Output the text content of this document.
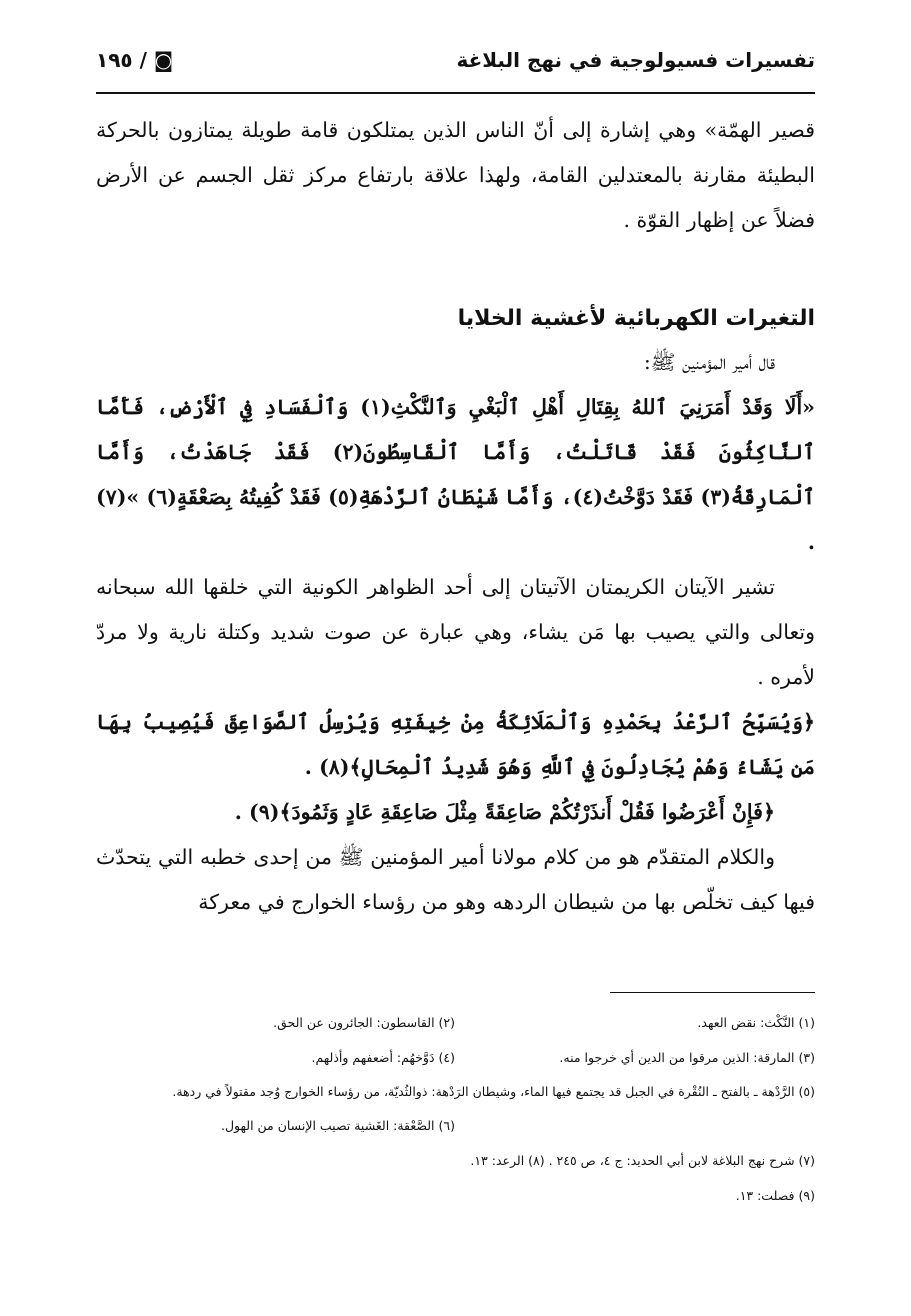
تفسيرات فسيولوجية في نهج البلاغة
١٩٥ / ◙

قصير الهمّة» وهي إشارة إلى أنّ الناس الذين يمتلكون قامة طويلة يمتازون بالحركة البطيئة مقارنة بالمعتدلين القامة، ولهذا علاقة بارتفاع مركز ثقل الجسم عن الأرض فضلاً عن إظهار القوّة .

التغيرات الكهربائية لأغشية الخلايا

قال أمير المؤمنين ﷺ:

«أَلَا وَقَدْ أَمَرَنِيَ ٱللهُ بِقِتَالِ أَهْلِ ٱلْبَغْيِ وَٱلنَّكْثِ(١) وَٱلْفَسَادِ فِي ٱلْأَرْضِ، فَأَمَّا ٱلنَّاكِثُونَ فَقَدْ قَاتَلْتُ، وَأَمَّا ٱلْقَاسِطُونَ(٢) فَقَدْ جَاهَدْتُ، وَأَمَّا ٱلْمَارِقَةُ(٣) فَقَدْ دَوَّخْتُ(٤)، وَأَمَّا شَيْطَانُ ٱلرَّدْهَةِ(٥) فَقَدْ كُفِيتُهُ بِصَعْقَةٍ(٦) »(٧) .

تشير الآيتان الكريمتان الآتيتان إلى أحد الظواهر الكونية التي خلقها الله سبحانه وتعالى والتي يصيب بها مَن يشاء، وهي عبارة عن صوت شديد وكتلة نارية ولا مردّ لأمره .

﴿وَيُسَبِّحُ ٱلرَّعْدُ بِحَمْدِهِ وَٱلْمَلَائِكَةُ مِنْ خِيفَتِهِ وَيُرْسِلُ ٱلصَّوَاعِقَ فَيُصِيبُ بِهَا مَن يَشَاءُ وَهُمْ يُجَادِلُونَ فِي ٱللَّهِ وَهُوَ شَدِيدُ ٱلْمِحَالِ﴾(٨) .

﴿فَإِنْ أَعْرَضُوا فَقُلْ أَنذَرْتُكُمْ صَاعِقَةً مِثْلَ صَاعِقَةِ عَادٍ وَثَمُودَ﴾(٩) .

والكلام المتقدّم هو من كلام مولانا أمير المؤمنين ﷺ من إحدى خطبه التي يتحدّث فيها كيف تخلّص بها من شيطان الردهه وهو من رؤساء الخوارج في معركة

(١) النَّكْث: نقض العهد.
(٢) القاسطون: الجائرون عن الحق.
(٣) المارقة: الذين مرقوا من الدين أي خرجوا منه.
(٤) دَوَّخهُم: أضعفهم وأذلهم.
(٥) الرَّدْهة ـ بالفتح ـ النُقْرة في الجبل قد يجتمع فيها الماء، وشيطان الرَدْهة: ذوالثُديّة، من رؤساء الخوارج وُجد مقتولاً في ردهة.
(٦) الصَّعْقة: الغَشية تصيب الإنسان من الهول.
(٧) شرح نهج البلاغة لابن أبي الحديد: ج ٤، ص ٢٤٥ . (٨) الرعد: ١٣.
(٩) فصلت: ١٣.
